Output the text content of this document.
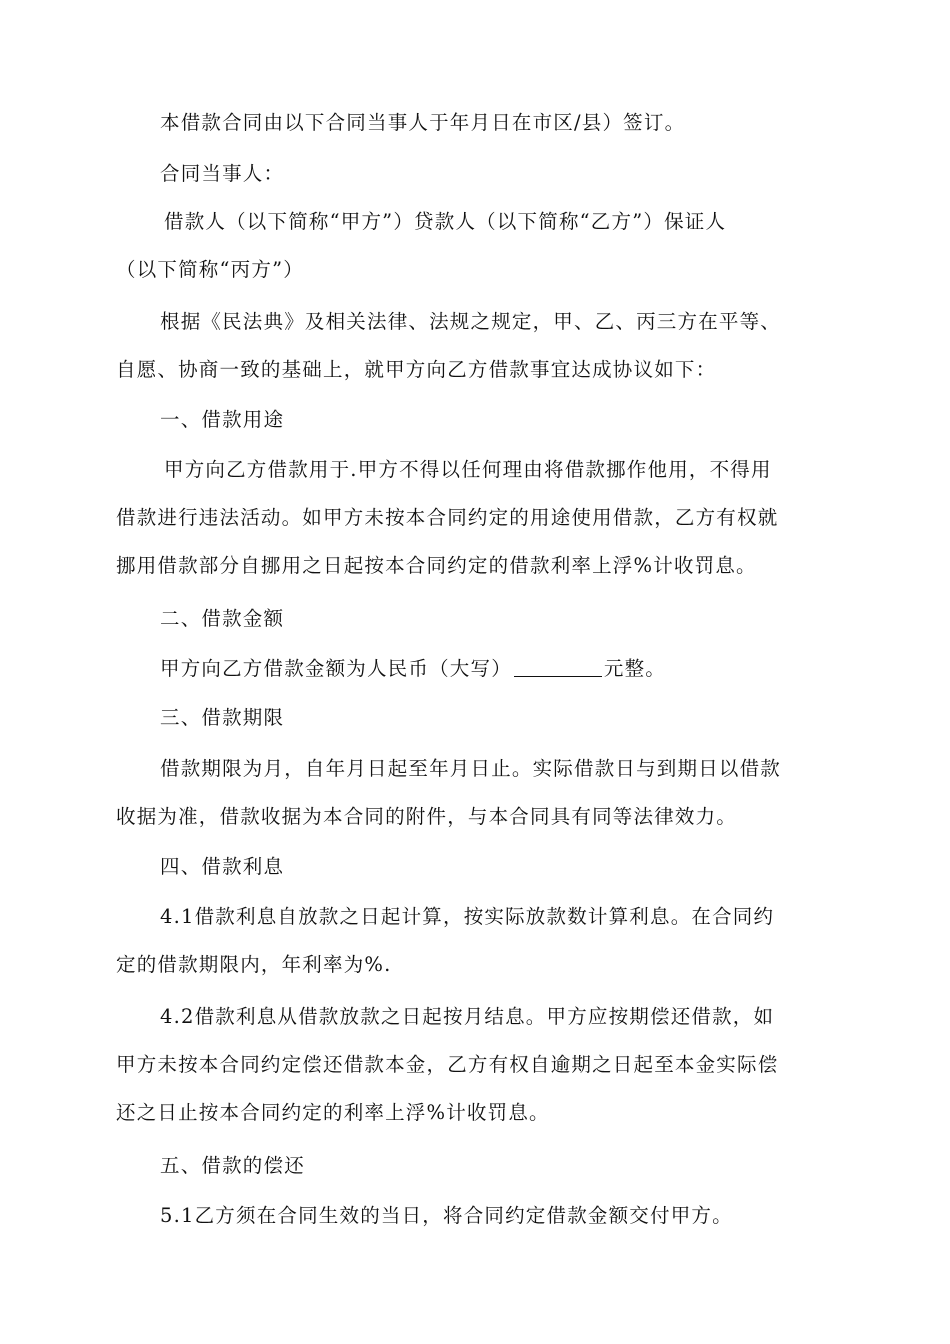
本借款合同由以下合同当事人于年月日在市区/县）签订。
合同当事人：
借款人（以下简称“甲方”）贷款人（以下简称“乙方”）保证人
（以下简称“丙方”）
根据《民法典》及相关法律、法规之规定，甲、乙、丙三方在平等、
自愿、协商一致的基础上，就甲方向乙方借款事宜达成协议如下：
一、借款用途
甲方向乙方借款用于.甲方不得以任何理由将借款挪作他用，不得用
借款进行违法活动。如甲方未按本合同约定的用途使用借款，乙方有权就
挪用借款部分自挪用之日起按本合同约定的借款利率上浮%计收罚息。
二、借款金额
甲方向乙方借款金额为人民币（大写）	元整。
三、借款期限
借款期限为月，自年月日起至年月日止。实际借款日与到期日以借款
收据为准，借款收据为本合同的附件，与本合同具有同等法律效力。
四、借款利息
4.1借款利息自放款之日起计算，按实际放款数计算利息。在合同约
定的借款期限内，年利率为%.
4.2借款利息从借款放款之日起按月结息。甲方应按期偿还借款，如
甲方未按本合同约定偿还借款本金，乙方有权自逾期之日起至本金实际偿
还之日止按本合同约定的利率上浮%计收罚息。
五、借款的偿还
5.1乙方须在合同生效的当日，将合同约定借款金额交付甲方。
